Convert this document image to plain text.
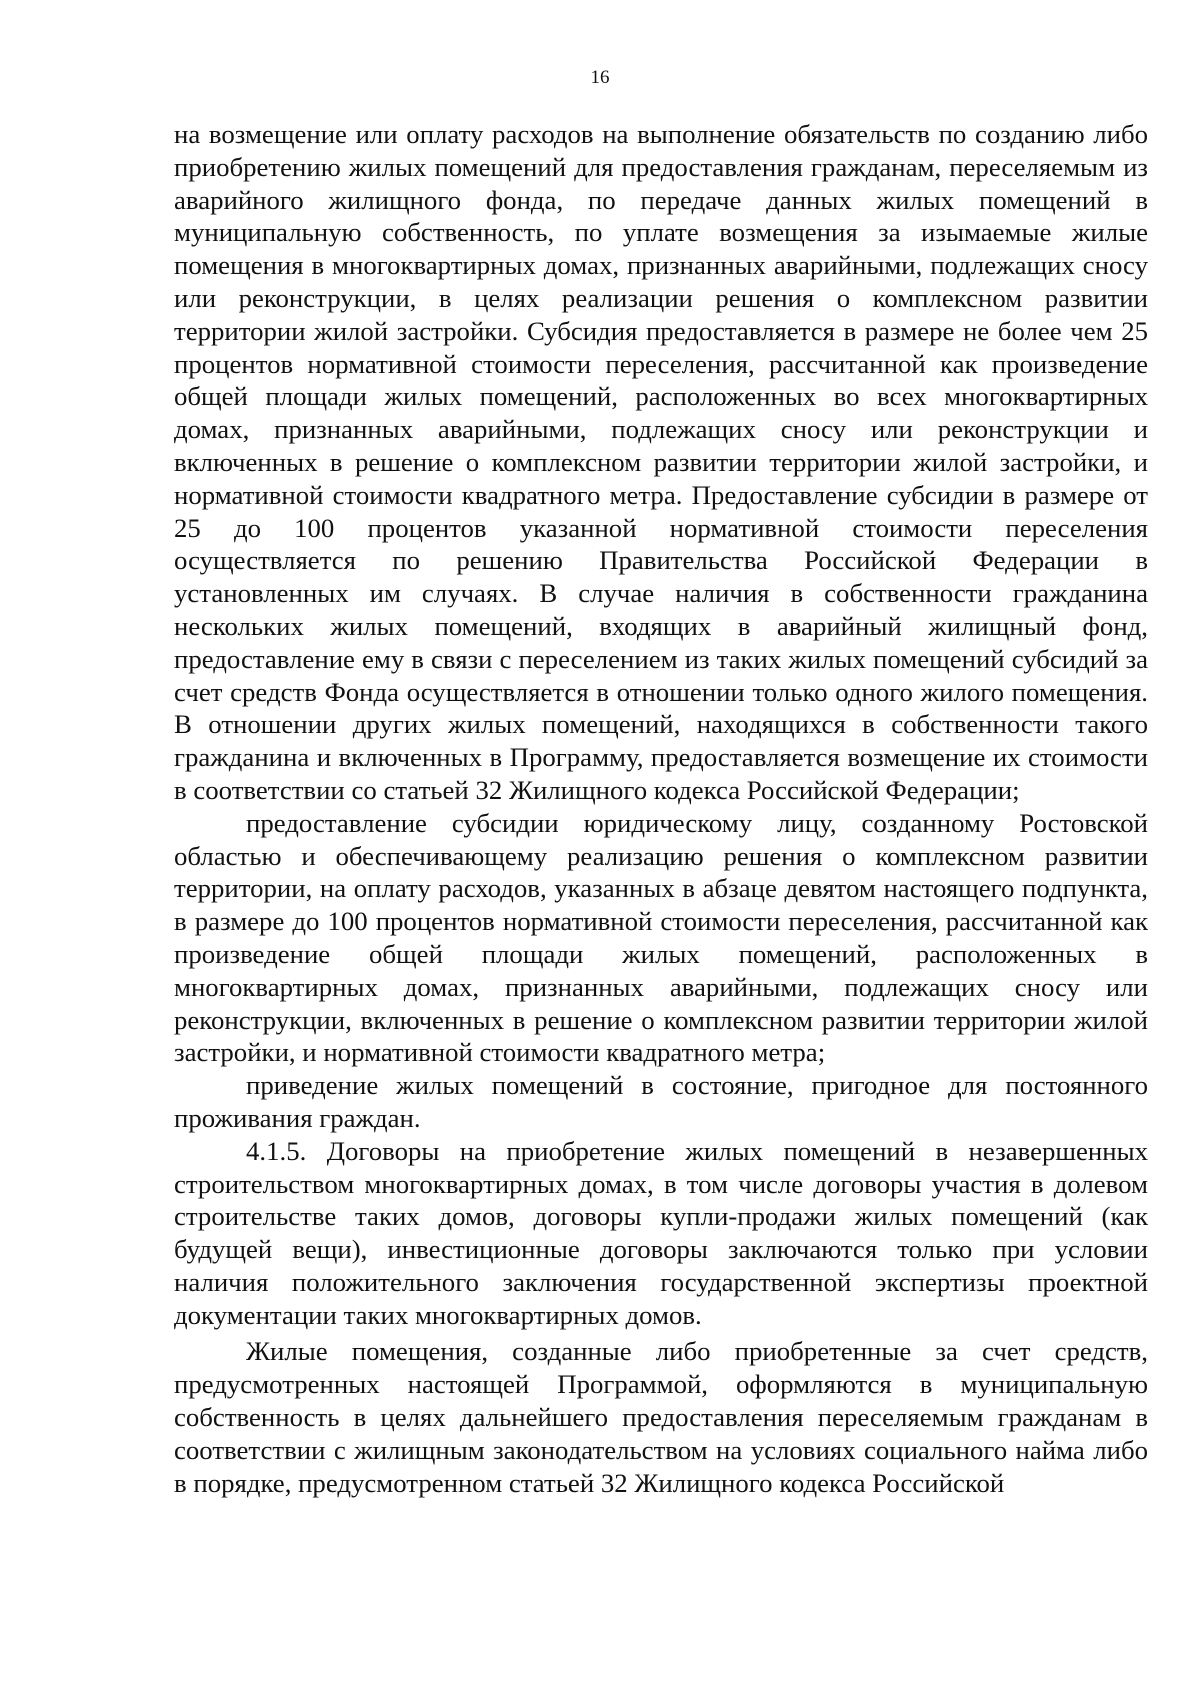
16

на возмещение или оплату расходов на выполнение обязательств по созданию либо приобретению жилых помещений для предоставления гражданам, переселяемым из аварийного жилищного фонда, по передаче данных жилых помещений в муниципальную собственность, по уплате возмещения за изымаемые жилые помещения в многоквартирных домах, признанных аварийными, подлежащих сносу или реконструкции, в целях реализации решения о комплексном развитии территории жилой застройки. Субсидия предоставляется в размере не более чем 25 процентов нормативной стоимости переселения, рассчитанной как произведение общей площади жилых помещений, расположенных во всех многоквартирных домах, признанных аварийными, подлежащих сносу или реконструкции и включенных в решение о комплексном развитии территории жилой застройки, и нормативной стоимости квадратного метра. Предоставление субсидии в размере от 25 до 100 процентов указанной нормативной стоимости переселения осуществляется по решению Правительства Российской Федерации в установленных им случаях. В случае наличия в собственности гражданина нескольких жилых помещений, входящих в аварийный жилищный фонд, предоставление ему в связи с переселением из таких жилых помещений субсидий за счет средств Фонда осуществляется в отношении только одного жилого помещения. В отношении других жилых помещений, находящихся в собственности такого гражданина и включенных в Программу, предоставляется возмещение их стоимости в соответствии со статьей 32 Жилищного кодекса Российской Федерации;

предоставление субсидии юридическому лицу, созданному Ростовской областью и обеспечивающему реализацию решения о комплексном развитии территории, на оплату расходов, указанных в абзаце девятом настоящего подпункта, в размере до 100 процентов нормативной стоимости переселения, рассчитанной как произведение общей площади жилых помещений, расположенных в многоквартирных домах, признанных аварийными, подлежащих сносу или реконструкции, включенных в решение о комплексном развитии территории жилой застройки, и нормативной стоимости квадратного метра;

приведение жилых помещений в состояние, пригодное для постоянного проживания граждан.

4.1.5. Договоры на приобретение жилых помещений в незавершенных строительством многоквартирных домах, в том числе договоры участия в долевом строительстве таких домов, договоры купли-продажи жилых помещений (как будущей вещи), инвестиционные договоры заключаются только при условии наличия положительного заключения государственной экспертизы проектной документации таких многоквартирных домов.

Жилые помещения, созданные либо приобретенные за счет средств, предусмотренных настоящей Программой, оформляются в муниципальную собственность в целях дальнейшего предоставления переселяемым гражданам в соответствии с жилищным законодательством на условиях социального найма либо в порядке, предусмотренном статьей 32 Жилищного кодекса Российской
